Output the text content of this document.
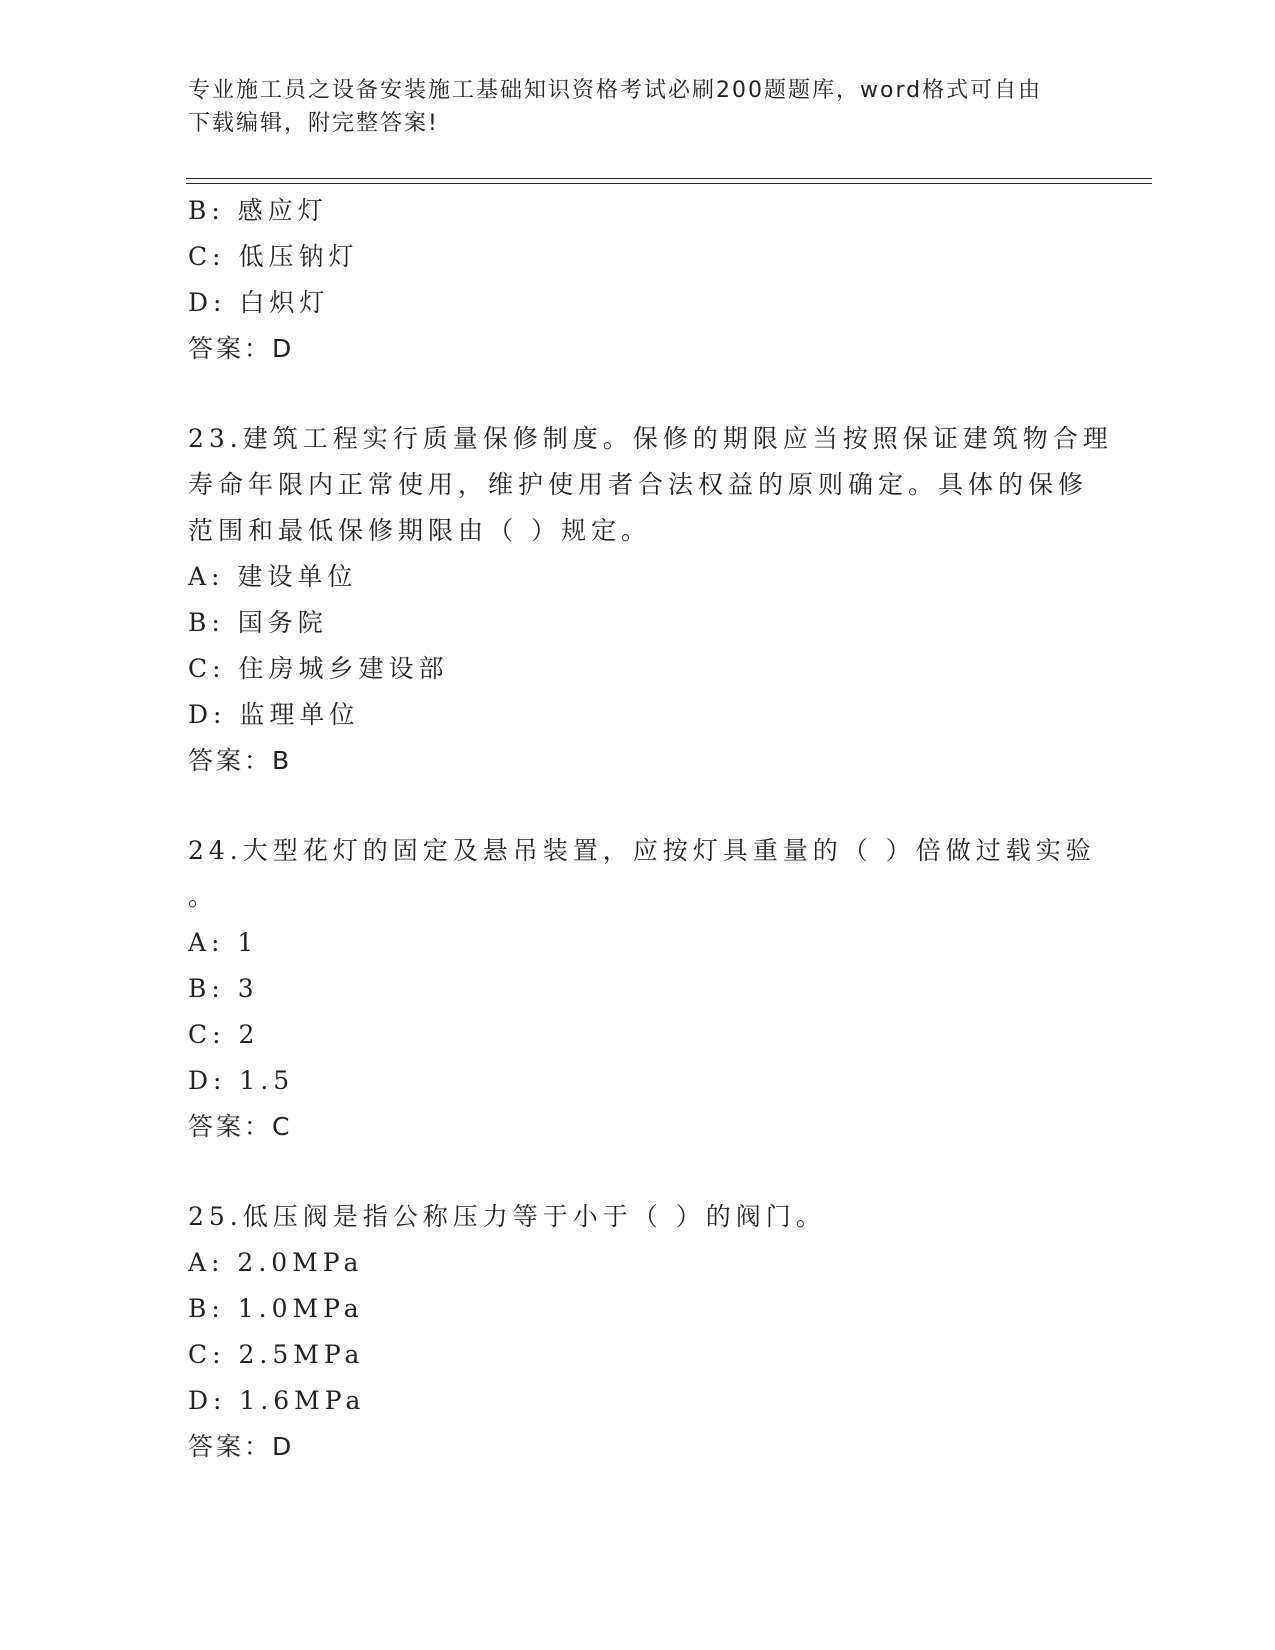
专业施工员之设备安装施工基础知识资格考试必刷200题题库，word格式可自由
下载编辑，附完整答案!
B: 感应灯
C: 低压钠灯
D: 白炽灯
答案：D
23.建筑工程实行质量保修制度。保修的期限应当按照保证建筑物合理
寿命年限内正常使用，维护使用者合法权益的原则确定。具体的保修
范围和最低保修期限由（ ）规定。
A: 建设单位
B: 国务院
C: 住房城乡建设部
D: 监理单位
答案：B
24.大型花灯的固定及悬吊装置，应按灯具重量的（ ）倍做过载实验
。
A: 1
B: 3
C: 2
D: 1.5
答案：C
25.低压阀是指公称压力等于小于（ ）的阀门。
A: 2.0MPa
B: 1.0MPa
C: 2.5MPa
D: 1.6MPa
答案：D
